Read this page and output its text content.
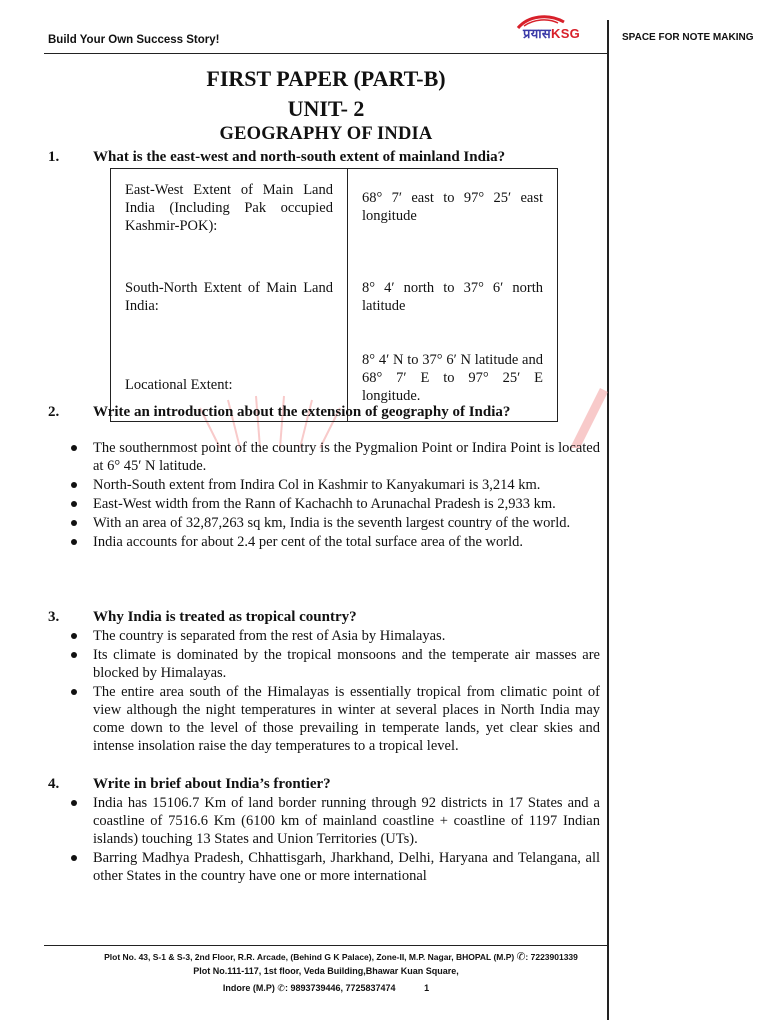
Build Your Own Success Story!	प्रयासKSG	SPACE FOR NOTE MAKING
FIRST PAPER (PART-B)
UNIT- 2
GEOGRAPHY OF INDIA
1. What is the east-west and north-south extent of mainland India?
East-West Extent of Main Land India (Including Pak occupied Kashmir-POK):	68° 7′ east to 97° 25′ east longitude
South-North Extent of Main Land India:	8° 4′ north to 37° 6′ north latitude
Locational Extent:	8° 4′ N to 37° 6′ N latitude and 68° 7′ E to 97° 25′ E longitude.
2. Write an introduction about the extension of geography of India?
The southernmost point of the country is the Pygmalion Point or Indira Point is located at 6° 45′ N latitude.
North-South extent from Indira Col in Kashmir to Kanyakumari is 3,214 km.
East-West width from the Rann of Kachachh to Arunachal Pradesh is 2,933 km.
With an area of 32,87,263 sq km, India is the seventh largest country of the world.
India accounts for about 2.4 per cent of the total surface area of the world.
3. Why India is treated as tropical country?
The country is separated from the rest of Asia by Himalayas.
Its climate is dominated by the tropical monsoons and the temperate air masses are blocked by Himalayas.
The entire area south of the Himalayas is essentially tropical from climatic point of view although the night temperatures in winter at several places in North India may come down to the level of those prevailing in temperate lands, yet clear skies and intense insolation raise the day temperatures to a tropical level.
4. Write in brief about India’s frontier?
India has 15106.7 Km of land border running through 92 districts in 17 States and a coastline of 7516.6 Km (6100 km of mainland coastline + coastline of 1197 Indian islands) touching 13 States and Union Territories (UTs).
Barring Madhya Pradesh, Chhattisgarh, Jharkhand, Delhi, Haryana and Telangana, all other States in the country have one or more international
Plot No. 43, S-1 & S-3, 2nd Floor, R.R. Arcade, (Behind G K Palace), Zone-II, M.P. Nagar, BHOPAL (M.P) ✆: 7223901339
Plot No.111-117, 1st floor, Veda Building,Bhawar Kuan Square,
Indore (M.P) ✆: 9893739446, 7725837474	1
